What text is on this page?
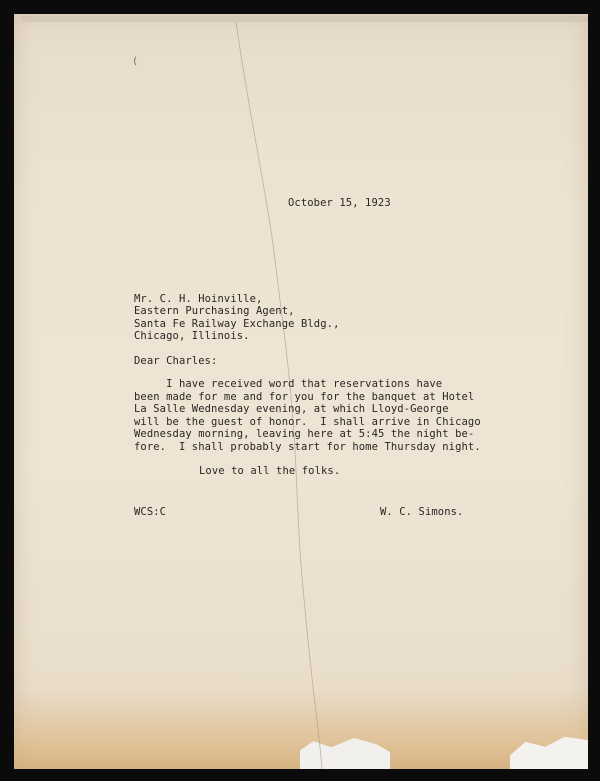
(
October 15, 1923
Mr. C. H. Hoinville,
Eastern Purchasing Agent,
Santa Fe Railway Exchange Bldg.,
Chicago, Illinois.
Dear Charles:
I have received word that reservations have
been made for me and for you for the banquet at Hotel
La Salle Wednesday evening, at which Lloyd-George
will be the guest of honor.  I shall arrive in Chicago
Wednesday morning, leaving here at 5:45 the night be-
fore.  I shall probably start for home Thursday night.
Love to all the folks.
WCS:C	W. C. Simons.
